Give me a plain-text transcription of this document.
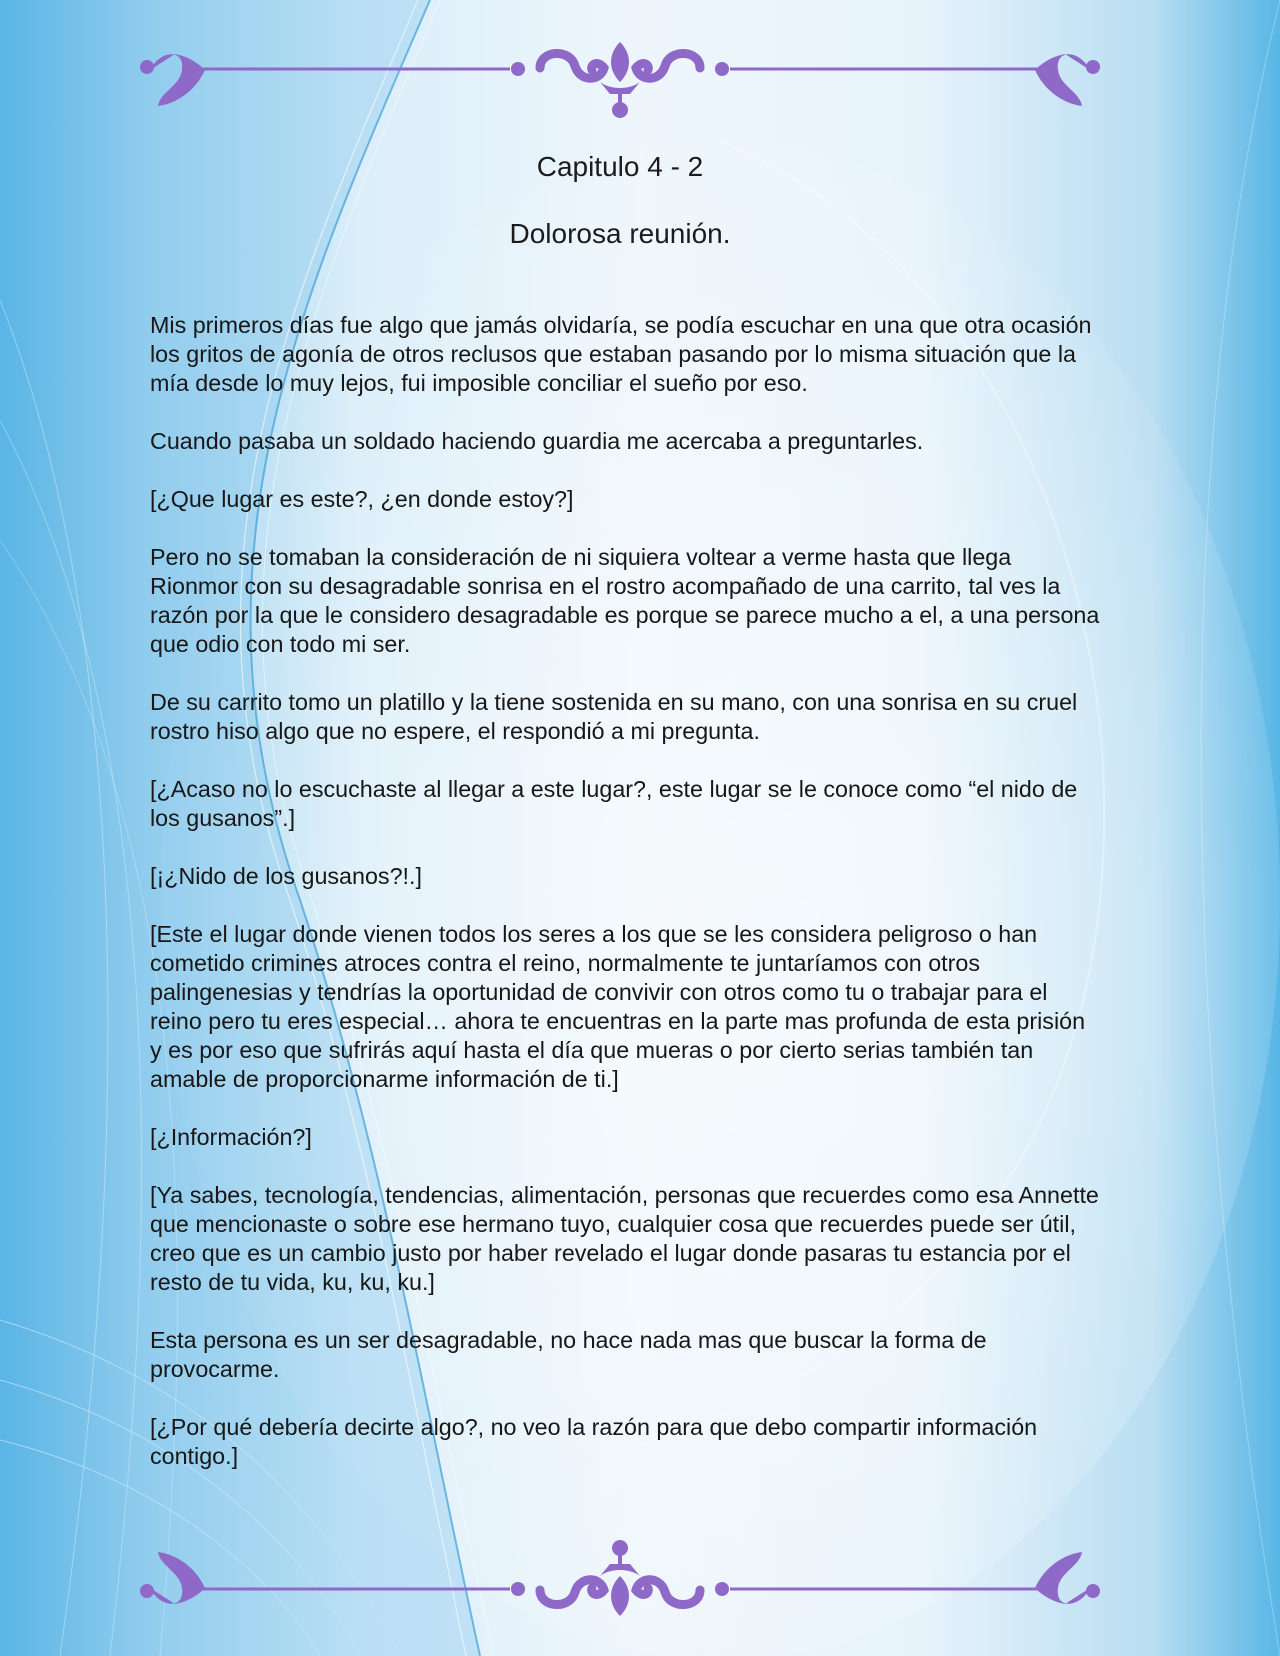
Capitulo 4 - 2
Dolorosa reunión.

Mis primeros días fue algo que jamás olvidaría, se podía escuchar en una que otra ocasión los gritos de agonía de otros reclusos que estaban pasando por lo misma situación que la mía desde lo muy lejos, fui imposible conciliar el sueño por eso.

Cuando pasaba un soldado haciendo guardia me acercaba a preguntarles.

[¿Que lugar es este?, ¿en donde estoy?]

Pero no se tomaban la consideración de ni siquiera voltear a verme hasta que llega Rionmor con su desagradable sonrisa en el rostro acompañado de una carrito, tal ves la razón por la que le considero desagradable es porque se parece mucho a el, a una persona que odio con todo mi ser.

De su carrito tomo un platillo y la tiene sostenida en su mano, con una sonrisa en su cruel rostro hiso algo que no espere, el respondió a mi pregunta.

[¿Acaso no lo escuchaste al llegar a este lugar?, este lugar se le conoce como “el nido de los gusanos”.]

[¡¿Nido de los gusanos?!.]

[Este el lugar donde vienen todos los seres a los que se les considera peligroso o han cometido crimines atroces contra el reino, normalmente te juntaríamos con otros palingenesias y tendrías la oportunidad de convivir con otros como tu o trabajar para el reino pero tu eres especial… ahora te encuentras en la parte mas profunda de esta prisión y es por eso que sufrirás aquí hasta el día que mueras o por cierto serias también tan amable de proporcionarme información de ti.]

[¿Información?]

[Ya sabes, tecnología, tendencias, alimentación, personas que recuerdes como esa Annette que mencionaste o sobre ese hermano tuyo, cualquier cosa que recuerdes puede ser útil, creo que es un cambio justo por haber revelado el lugar donde pasaras tu estancia por el resto de tu vida, ku, ku, ku.]

Esta persona es un ser desagradable, no hace nada mas que buscar la forma de provocarme.

[¿Por qué debería decirte algo?, no veo la razón para que debo compartir información contigo.]
